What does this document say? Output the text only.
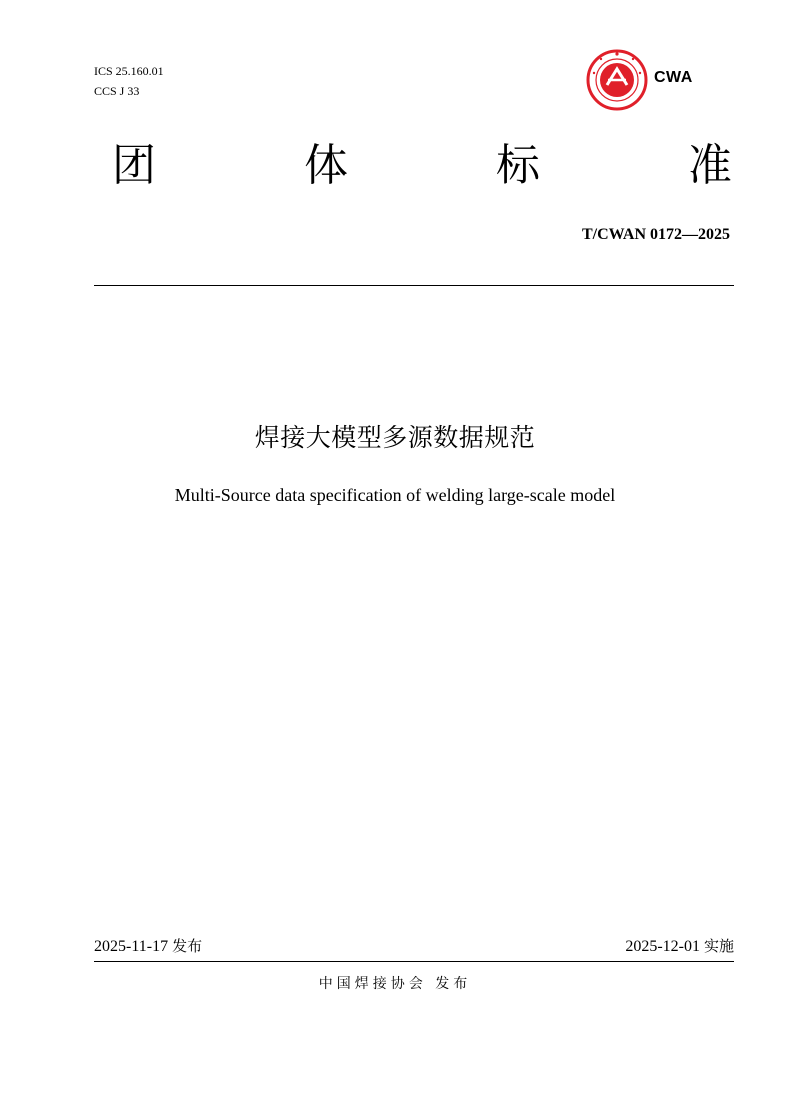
ICS 25.160.01
CCS J 33
CWA
团	体	标	准
T/CWAN 0172—2025
焊接大模型多源数据规范
Multi-Source data specification of welding large-scale model
2025-11-17 发布	2025-12-01 实施
中国焊接协会 发布
